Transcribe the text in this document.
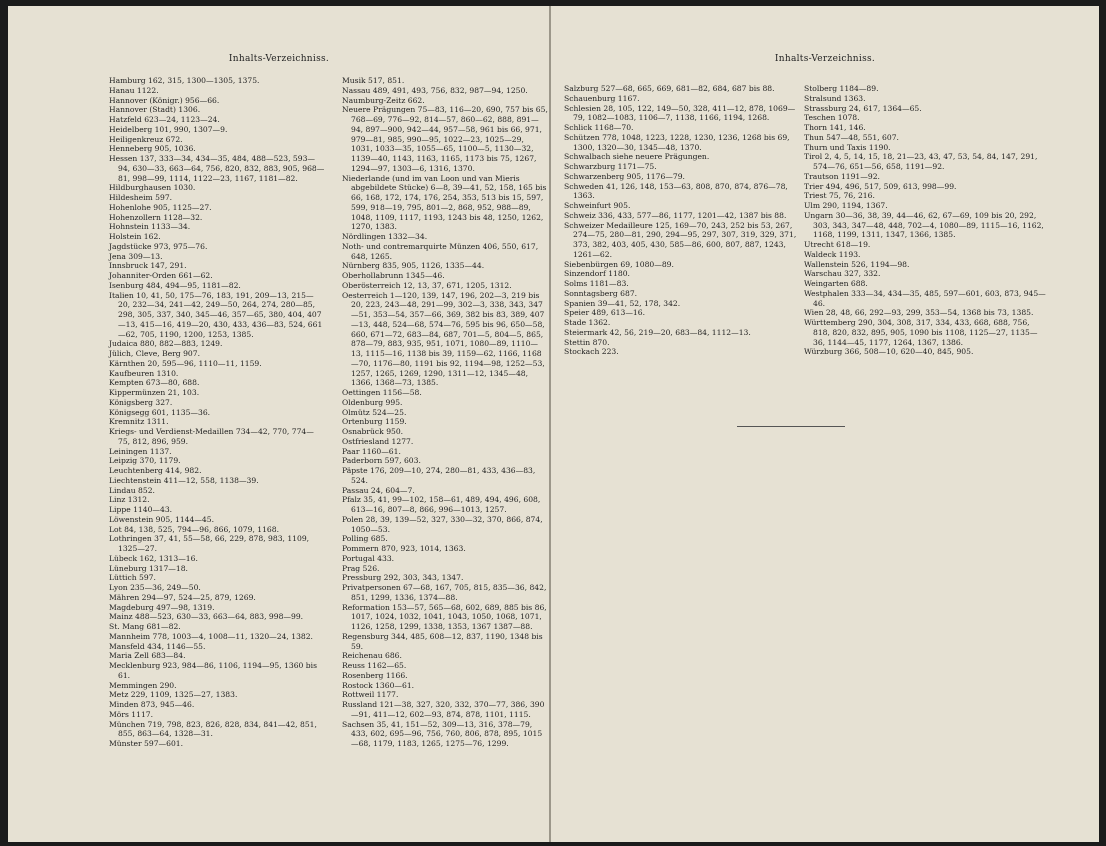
Inhalts-Verzeichniss.
Hamburg 162, 315, 1300—1305, 1375.
Hanau 1122.
Hannover (Königr.) 956—66.
Hannover (Stadt) 1306.
Hatzfeld 623—24, 1123—24.
Heidelberg 101, 990, 1307—9.
Heiligenkreuz 672.
Henneberg 905, 1036.
Hessen 137, 333—34, 434—35, 484, 488—523, 593—94, 630—33, 663—64, 756, 820, 832, 883, 905, 968—81, 998—99, 1114, 1122—23, 1167, 1181—82.
Hildburghausen 1030.
Hildesheim 597.
Hohenlohe 905, 1125—27.
Hohenzollern 1128—32.
Hohnstein 1133—34.
Holstein 162.
Jagdstücke 973, 975—76.
Jena 309—13.
Innsbruck 147, 291.
Johanniter-Orden 661—62.
Isenburg 484, 494—95, 1181—82.
Italien 10, 41, 50, 175—76, 183, 191, 209—13, 215—20, 232—34, 241—42, 249—50, 264, 274, 280—85, 298, 305, 337, 340, 345—46, 357—65, 380, 404, 407—13, 415—16, 419—20, 430, 433, 436—83, 524, 661—62, 705, 1190, 1200, 1253, 1385.
Judaica 880, 882—883, 1249.
Jülich, Cleve, Berg 907.
Kärnthen 20, 595—96, 1110—11, 1159.
Kaufbeuren 1310.
Kempten 673—80, 688.
Kippermünzen 21, 103.
Königsberg 327.
Königsegg 601, 1135—36.
Kremnitz 1311.
Kriegs- und Verdienst-Medaillen 734—42, 770, 774—75, 812, 896, 959.
Leiningen 1137.
Leipzig 370, 1179.
Leuchtenberg 414, 982.
Liechtenstein 411—12, 558, 1138—39.
Lindau 852.
Linz 1312.
Lippe 1140—43.
Löwenstein 905, 1144—45.
Lot 84, 138, 525, 794—96, 866, 1079, 1168.
Lothringen 37, 41, 55—58, 66, 229, 878, 983, 1109, 1325—27.
Lübeck 162, 1313—16.
Lüneburg 1317—18.
Lüttich 597.
Lyon 235—36, 249—50.
Mähren 294—97, 524—25, 879, 1269.
Magdeburg 497—98, 1319.
Mainz 488—523, 630—33, 663—64, 883, 998—99.
St. Mang 681—82.
Mannheim 778, 1003—4, 1008—11, 1320—24, 1382.
Mansfeld 434, 1146—55.
Maria Zell 683—84.
Mecklenburg 923, 984—86, 1106, 1194—95, 1360 bis 61.
Memmingen 290.
Metz 229, 1109, 1325—27, 1383.
Minden 873, 945—46.
Mörs 1117.
München 719, 798, 823, 826, 828, 834, 841—42, 851, 855, 863—64, 1328—31.
Münster 597—601.
Musik 517, 851.
Nassau 489, 491, 493, 756, 832, 987—94, 1250.
Naumburg-Zeitz 662.
Neuere Prägungen 75—83, 116—20, 690, 757 bis 65, 768—69, 776—92, 814—57, 860—62, 888, 891—94, 897—900, 942—44, 957—58, 961 bis 66, 971, 979—81, 985, 990—95, 1022—23, 1025—29, 1031, 1033—35, 1055—65, 1100—5, 1130—32, 1139—40, 1143, 1163, 1165, 1173 bis 75, 1267, 1294—97, 1303—6, 1316, 1370.
Niederlande (und im van Loon und van Mieris abgebildete Stücke) 6—8, 39—41, 52, 158, 165 bis 66, 168, 172, 174, 176, 254, 353, 513 bis 15, 597, 599, 918—19, 795, 801—2, 868, 952, 988—89, 1048, 1109, 1117, 1193, 1243 bis 48, 1250, 1262, 1270, 1383.
Nördlingen 1332—34.
Noth- und contremarquirte Münzen 406, 550, 617, 648, 1265.
Nürnberg 835, 905, 1126, 1335—44.
Oberhollabrunn 1345—46.
Oberösterreich 12, 13, 37, 671, 1205, 1312.
Oesterreich 1—120, 139, 147, 196, 202—3, 219 bis 20, 223, 243—48, 291—99, 302—3, 338, 343, 347—51, 353—54, 357—66, 369, 382 bis 83, 389, 407—13, 448, 524—68, 574—76, 595 bis 96, 650—58, 660, 671—72, 683—84, 687, 701—5, 804—5, 865, 878—79, 883, 935, 951, 1071, 1080—89, 1110—13, 1115—16, 1138 bis 39, 1159—62, 1166, 1168—70, 1176—80, 1191 bis 92, 1194—98, 1252—53, 1257, 1265, 1269, 1290, 1311—12, 1345—48, 1366, 1368—73, 1385.
Oettingen 1156—58.
Oldenburg 995.
Olmütz 524—25.
Ortenburg 1159.
Osnabrück 950.
Ostfriesland 1277.
Paar 1160—61.
Paderborn 597, 603.
Päpste 176, 209—10, 274, 280—81, 433, 436—83, 524.
Passau 24, 604—7.
Pfalz 35, 41, 99—102, 158—61, 489, 494, 496, 608, 613—16, 807—8, 866, 996—1013, 1257.
Polen 28, 39, 139—52, 327, 330—32, 370, 866, 874, 1050—53.
Polling 685.
Pommern 870, 923, 1014, 1363.
Portugal 433.
Prag 526.
Pressburg 292, 303, 343, 1347.
Privatpersonen 67—68, 167, 705, 815, 835—36, 842, 851, 1299, 1336, 1374—88.
Reformation 153—57, 565—68, 602, 689, 885 bis 86, 1017, 1024, 1032, 1041, 1043, 1050, 1068, 1071, 1126, 1258, 1299, 1338, 1353, 1367 1387—88.
Regensburg 344, 485, 608—12, 837, 1190, 1348 bis 59.
Reichenau 686.
Reuss 1162—65.
Rosenberg 1166.
Rostock 1360—61.
Rottweil 1177.
Russland 121—38, 327, 320, 332, 370—77, 386, 390—91, 411—12, 602—93, 874, 878, 1101, 1115.
Sachsen 35, 41, 151—52, 309—13, 316, 378—79, 433, 602, 695—96, 756, 760, 806, 878, 895, 1015—68, 1179, 1183, 1265, 1275—76, 1299.
Inhalts-Verzeichniss.
Salzburg 527—68, 665, 669, 681—82, 684, 687 bis 88.
Schauenburg 1167.
Schlesien 28, 105, 122, 149—50, 328, 411—12, 878, 1069—79, 1082—1083, 1106—7, 1138, 1166, 1194, 1268.
Schlick 1168—70.
Schützen 778, 1048, 1223, 1228, 1230, 1236, 1268 bis 69, 1300, 1320—30, 1345—48, 1370.
Schwalbach siehe neuere Prägungen.
Schwarzburg 1171—75.
Schwarzenberg 905, 1176—79.
Schweden 41, 126, 148, 153—63, 808, 870, 874, 876—78, 1363.
Schweinfurt 905.
Schweiz 336, 433, 577—86, 1177, 1201—42, 1387 bis 88.
Schweizer Medailleure 125, 169—70, 243, 252 bis 53, 267, 274—75, 280—81, 290, 294—95, 297, 307, 319, 329, 371, 373, 382, 403, 405, 430, 585—86, 600, 807, 887, 1243, 1261—62.
Siebenbürgen 69, 1080—89.
Sinzendorf 1180.
Solms 1181—83.
Sonntagsberg 687.
Spanien 39—41, 52, 178, 342.
Speier 489, 613—16.
Stade 1362.
Steiermark 42, 56, 219—20, 683—84, 1112—13.
Stettin 870.
Stockach 223.
Stolberg 1184—89.
Stralsund 1363.
Strassburg 24, 617, 1364—65.
Teschen 1078.
Thorn 141, 146.
Thun 547—48, 551, 607.
Thurn und Taxis 1190.
Tirol 2, 4, 5, 14, 15, 18, 21—23, 43, 47, 53, 54, 84, 147, 291, 574—76, 651—56, 658, 1191—92.
Trautson 1191—92.
Trier 494, 496, 517, 509, 613, 998—99.
Triest 75, 76, 216.
Ulm 290, 1194, 1367.
Ungarn 30—36, 38, 39, 44—46, 62, 67—69, 109 bis 20, 292, 303, 343, 347—48, 448, 702—4, 1080—89, 1115—16, 1162, 1168, 1199, 1311, 1347, 1366, 1385.
Utrecht 618—19.
Waldeck 1193.
Wallenstein 526, 1194—98.
Warschau 327, 332.
Weingarten 688.
Westphalen 333—34, 434—35, 485, 597—601, 603, 873, 945—46.
Wien 28, 48, 66, 292—93, 299, 353—54, 1368 bis 73, 1385.
Württemberg 290, 304, 308, 317, 334, 433, 668, 688, 756, 818, 820, 832, 895, 905, 1090 bis 1108, 1125—27, 1135—36, 1144—45, 1177, 1264, 1367, 1386.
Würzburg 366, 508—10, 620—40, 845, 905.
